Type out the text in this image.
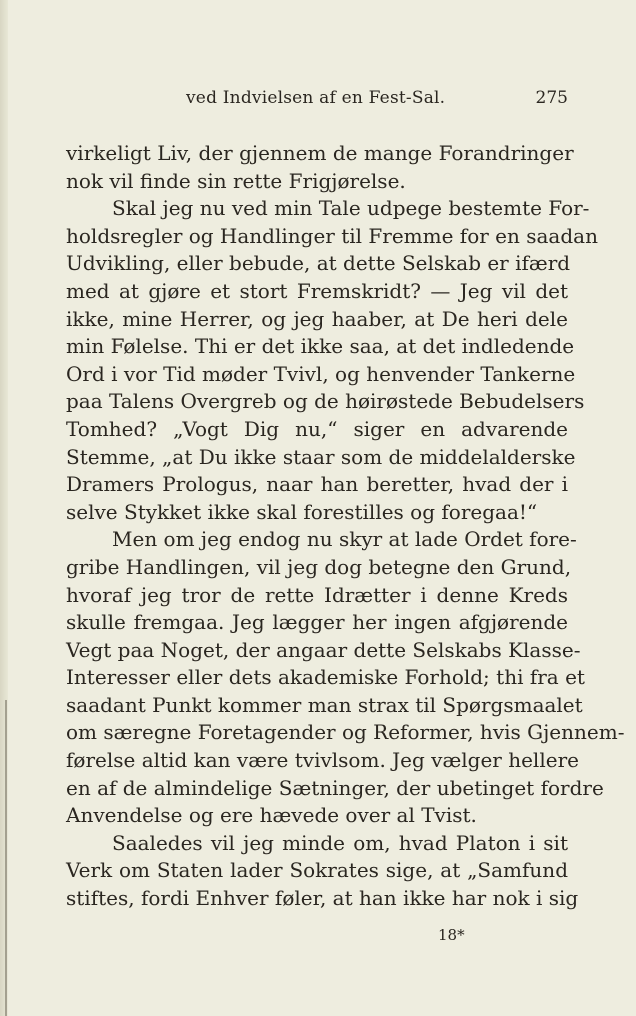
ved Indvielsen af en Fest-Sal.	275
virkeligt Liv, der gjennem de mange Forandringer
nok vil finde sin rette Frigjørelse.
Skal jeg nu ved min Tale udpege bestemte For-
holdsregler og Handlinger til Fremme for en saadan
Udvikling, eller bebude, at dette Selskab er ifærd
med at gjøre et stort Fremskridt? — Jeg vil det
ikke, mine Herrer, og jeg haaber, at De heri dele
min Følelse. Thi er det ikke saa, at det indledende
Ord i vor Tid møder Tvivl, og henvender Tankerne
paa Talens Overgreb og de høirøstede Bebudelsers
Tomhed? „Vogt Dig nu,“ siger en advarende
Stemme, „at Du ikke staar som de middelalderske
Dramers Prologus, naar han beretter, hvad der i
selve Stykket ikke skal forestilles og foregaa!“
Men om jeg endog nu skyr at lade Ordet fore-
gribe Handlingen, vil jeg dog betegne den Grund,
hvoraf jeg tror de rette Idrætter i denne Kreds
skulle fremgaa. Jeg lægger her ingen afgjørende
Vegt paa Noget, der angaar dette Selskabs Klasse-
Interesser eller dets akademiske Forhold; thi fra et
saadant Punkt kommer man strax til Spørgsmaalet
om særegne Foretagender og Reformer, hvis Gjennem-
førelse altid kan være tvivlsom. Jeg vælger hellere
en af de almindelige Sætninger, der ubetinget fordre
Anvendelse og ere hævede over al Tvist.
Saaledes vil jeg minde om, hvad Platon i sit
Verk om Staten lader Sokrates sige, at „Samfund
stiftes, fordi Enhver føler, at han ikke har nok i sig
18*
